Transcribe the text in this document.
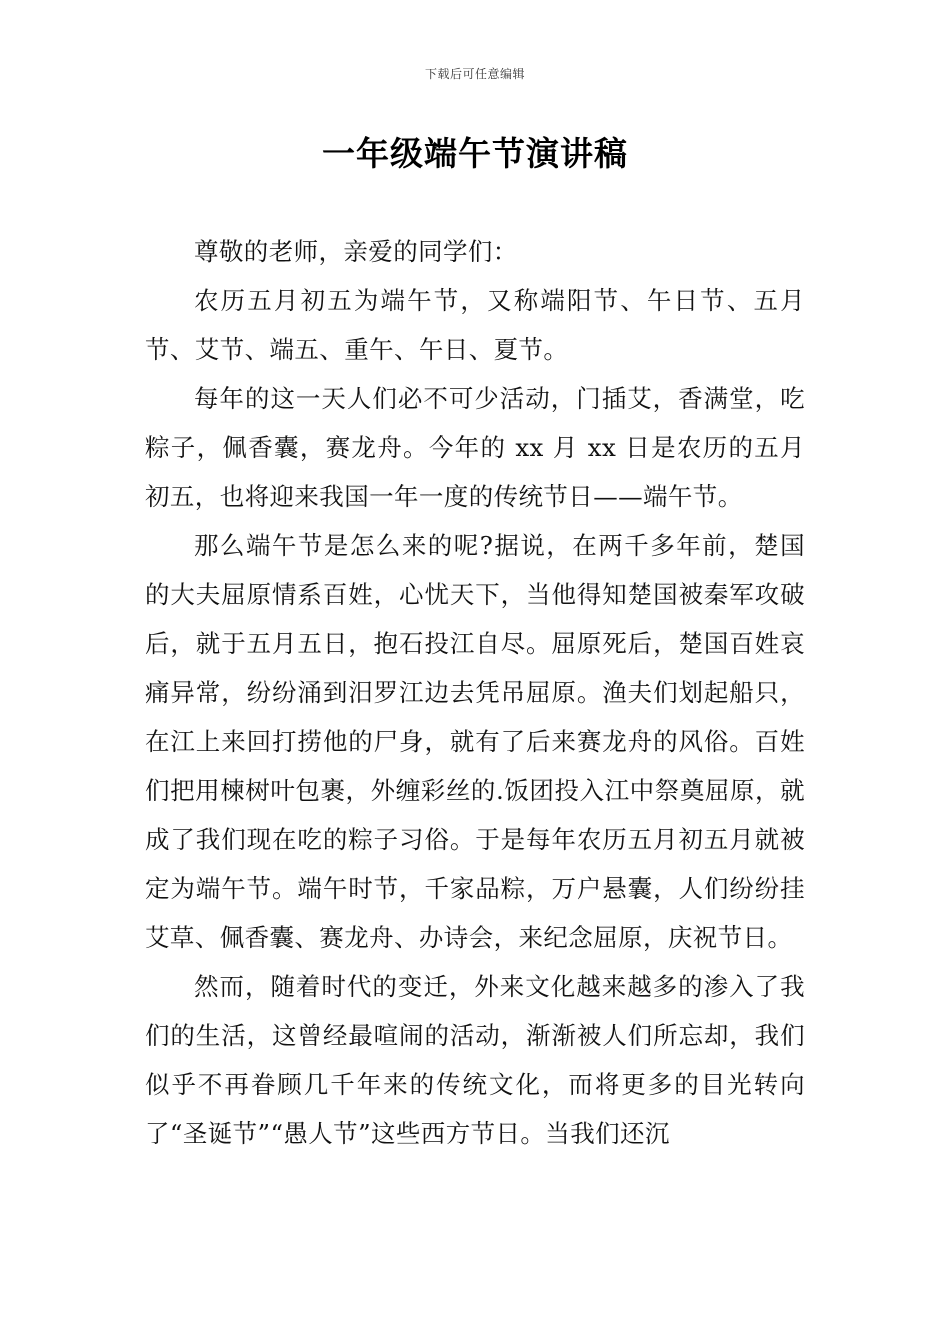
下载后可任意编辑
一年级端午节演讲稿

尊敬的老师，亲爱的同学们：

农历五月初五为端午节，又称端阳节、午日节、五月节、艾节、端五、重午、午日、夏节。

每年的这一天人们必不可少活动，门插艾，香满堂，吃粽子，佩香囊，赛龙舟。今年的 xx 月 xx 日是农历的五月初五，也将迎来我国一年一度的传统节日——端午节。

那么端午节是怎么来的呢?据说，在两千多年前，楚国的大夫屈原情系百姓，心忧天下，当他得知楚国被秦军攻破后，就于五月五日，抱石投江自尽。屈原死后，楚国百姓哀痛异常，纷纷涌到汨罗江边去凭吊屈原。渔夫们划起船只，在江上来回打捞他的尸身，就有了后来赛龙舟的风俗。百姓们把用楝树叶包裹，外缠彩丝的.饭团投入江中祭奠屈原，就成了我们现在吃的粽子习俗。于是每年农历五月初五月就被定为端午节。端午时节，千家品粽，万户悬囊，人们纷纷挂艾草、佩香囊、赛龙舟、办诗会，来纪念屈原，庆祝节日。

然而，随着时代的变迁，外来文化越来越多的渗入了我们的生活，这曾经最喧闹的活动，渐渐被人们所忘却，我们似乎不再眷顾几千年来的传统文化，而将更多的目光转向了“圣诞节”“愚人节”这些西方节日。当我们还沉
